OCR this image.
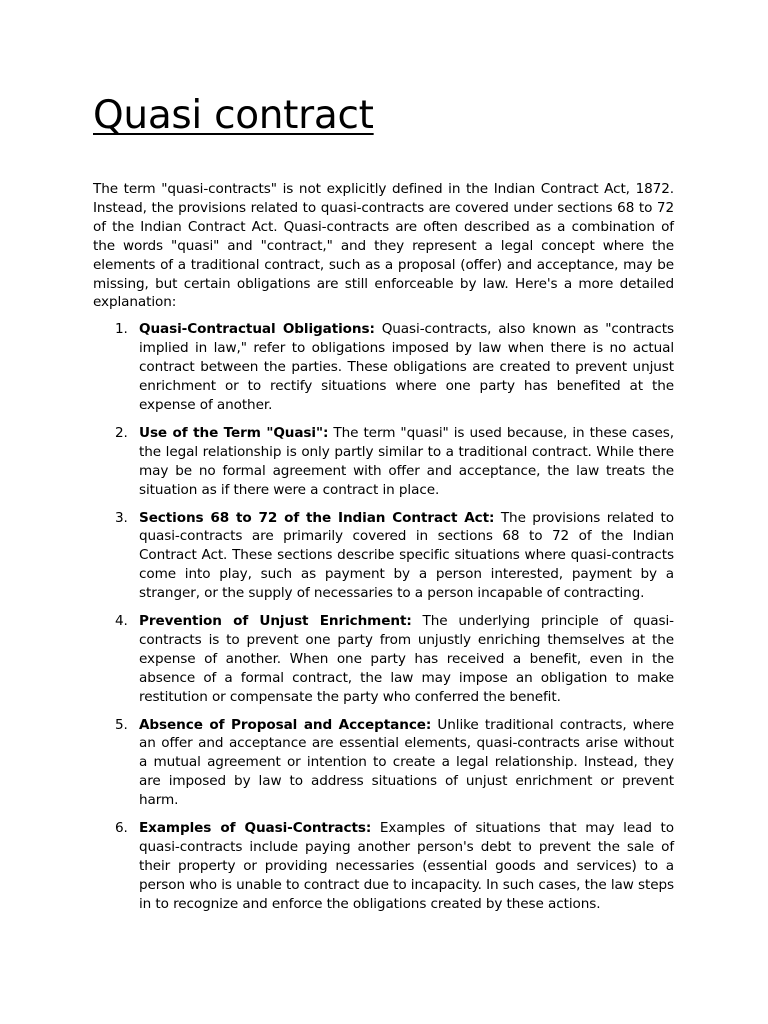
Quasi contract

The term "quasi-contracts" is not explicitly defined in the Indian Contract Act, 1872. Instead, the provisions related to quasi-contracts are covered under sections 68 to 72 of the Indian Contract Act. Quasi-contracts are often described as a combination of the words "quasi" and "contract," and they represent a legal concept where the elements of a traditional contract, such as a proposal (offer) and acceptance, may be missing, but certain obligations are still enforceable by law. Here's a more detailed explanation:

1. Quasi-Contractual Obligations: Quasi-contracts, also known as "contracts implied in law," refer to obligations imposed by law when there is no actual contract between the parties. These obligations are created to prevent unjust enrichment or to rectify situations where one party has benefited at the expense of another.
2. Use of the Term "Quasi": The term "quasi" is used because, in these cases, the legal relationship is only partly similar to a traditional contract. While there may be no formal agreement with offer and acceptance, the law treats the situation as if there were a contract in place.
3. Sections 68 to 72 of the Indian Contract Act: The provisions related to quasi-contracts are primarily covered in sections 68 to 72 of the Indian Contract Act. These sections describe specific situations where quasi-contracts come into play, such as payment by a person interested, payment by a stranger, or the supply of necessaries to a person incapable of contracting.
4. Prevention of Unjust Enrichment: The underlying principle of quasi-contracts is to prevent one party from unjustly enriching themselves at the expense of another. When one party has received a benefit, even in the absence of a formal contract, the law may impose an obligation to make restitution or compensate the party who conferred the benefit.
5. Absence of Proposal and Acceptance: Unlike traditional contracts, where an offer and acceptance are essential elements, quasi-contracts arise without a mutual agreement or intention to create a legal relationship. Instead, they are imposed by law to address situations of unjust enrichment or prevent harm.
6. Examples of Quasi-Contracts: Examples of situations that may lead to quasi-contracts include paying another person's debt to prevent the sale of their property or providing necessaries (essential goods and services) to a person who is unable to contract due to incapacity. In such cases, the law steps in to recognize and enforce the obligations created by these actions.
